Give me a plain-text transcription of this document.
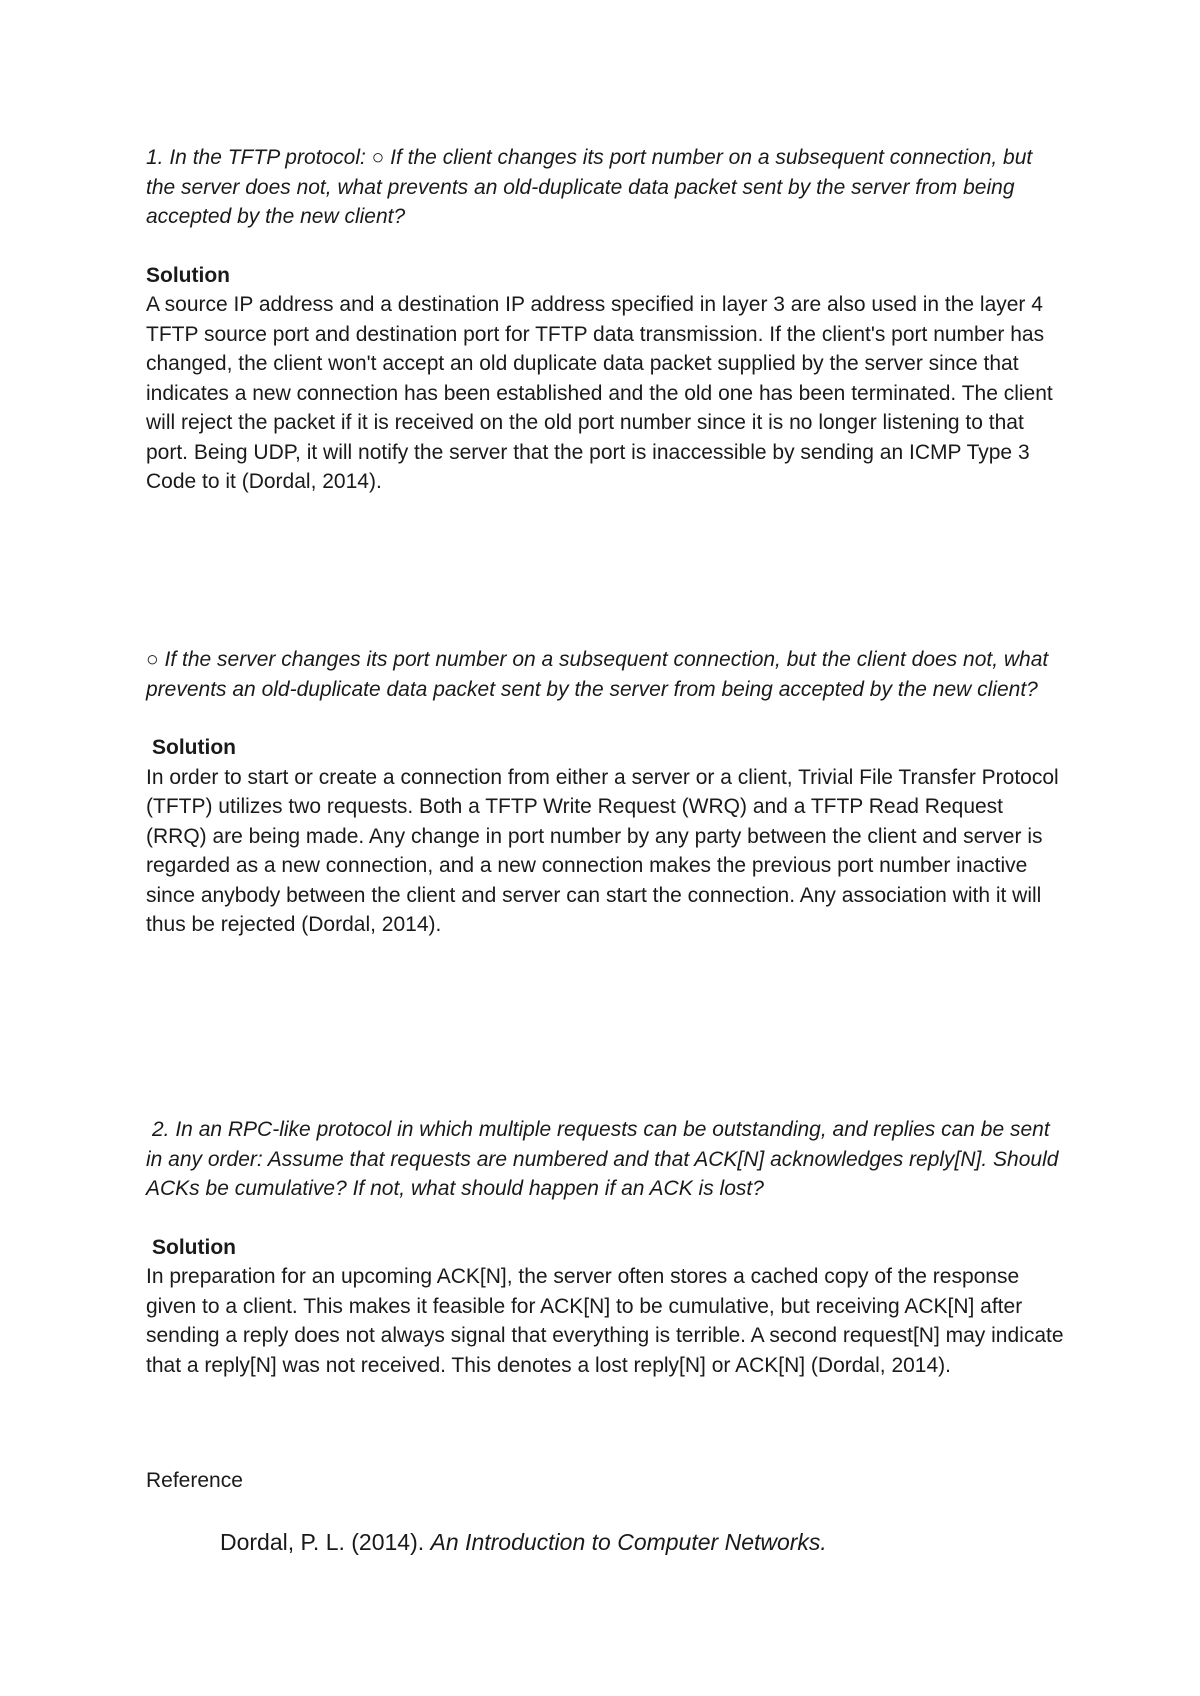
1. In the TFTP protocol: ○ If the client changes its port number on a subsequent connection, but the server does not, what prevents an old-duplicate data packet sent by the server from being accepted by the new client?
Solution
A source IP address and a destination IP address specified in layer 3 are also used in the layer 4 TFTP source port and destination port for TFTP data transmission. If the client's port number has changed, the client won't accept an old duplicate data packet supplied by the server since that indicates a new connection has been established and the old one has been terminated. The client will reject the packet if it is received on the old port number since it is no longer listening to that port. Being UDP, it will notify the server that the port is inaccessible by sending an ICMP Type 3 Code to it (Dordal, 2014).
○ If the server changes its port number on a subsequent connection, but the client does not, what prevents an old-duplicate data packet sent by the server from being accepted by the new client?
Solution
In order to start or create a connection from either a server or a client, Trivial File Transfer Protocol (TFTP) utilizes two requests. Both a TFTP Write Request (WRQ) and a TFTP Read Request (RRQ) are being made. Any change in port number by any party between the client and server is regarded as a new connection, and a new connection makes the previous port number inactive since anybody between the client and server can start the connection. Any association with it will thus be rejected (Dordal, 2014).
2. In an RPC-like protocol in which multiple requests can be outstanding, and replies can be sent in any order: Assume that requests are numbered and that ACK[N] acknowledges reply[N]. Should ACKs be cumulative? If not, what should happen if an ACK is lost?
Solution
In preparation for an upcoming ACK[N], the server often stores a cached copy of the response given to a client. This makes it feasible for ACK[N] to be cumulative, but receiving ACK[N] after sending a reply does not always signal that everything is terrible. A second request[N] may indicate that a reply[N] was not received. This denotes a lost reply[N] or ACK[N] (Dordal, 2014).
Reference
Dordal, P. L. (2014). An Introduction to Computer Networks.
